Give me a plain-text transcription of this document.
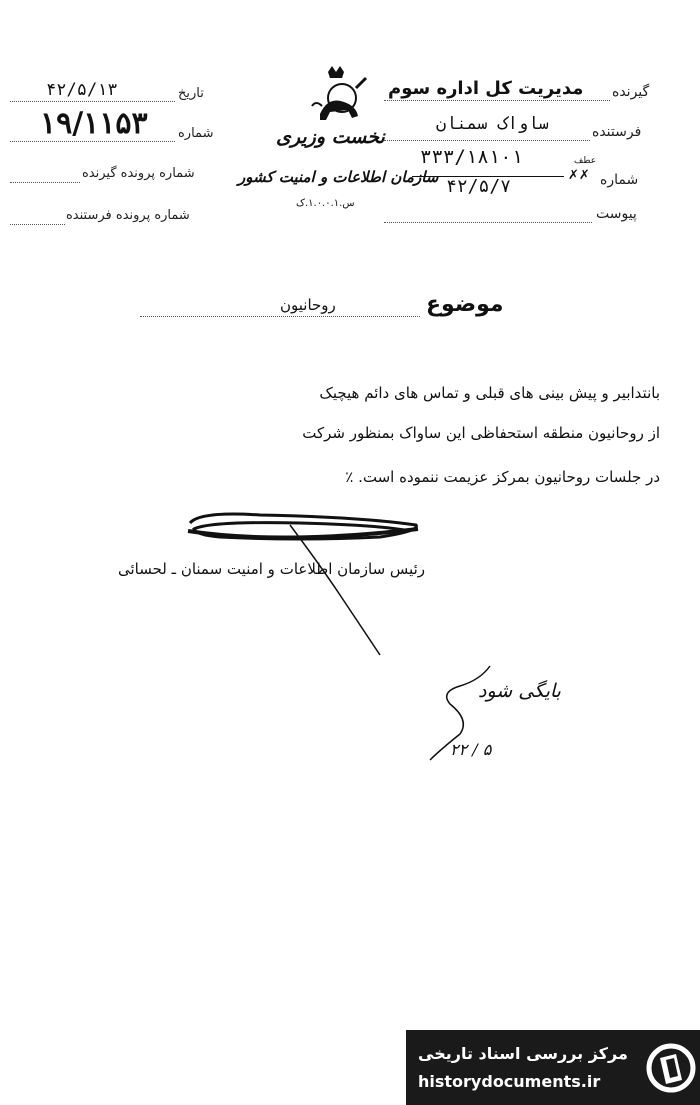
تاریخ
۴۲/۵/۱۳
شماره
۱۹/۱۱۵۳
شماره پرونده گیرنده
شماره پرونده فرستنده
نخست وزیری
سازمان اطلاعات و امنیت کشور
س.۱.۰.۰.۱.ک
گیرنده
مدیریت کل اداره سوم
فرستنده
ساواک سمنان
شماره
عطف
✗✗
۳۳۳/۱۸۱۰۱
۴۲/۵/۷
پیوست
موضوع
روحانیون
بانتدابیر و پیش بینی های قبلی و تماس های دائم هیچیک
از روحانیون منطقه استحفاظی این ساواک بمنظور شرکت
در جلسات روحانیون بمرکز عزیمت ننموده است. ٪
رئیس سازمان اطلاعات و امنیت سمنان ـ لحسائی
بایگی شود
۲۲ / ۵
مرکز بررسی اسناد تاریخی
historydocuments.ir
